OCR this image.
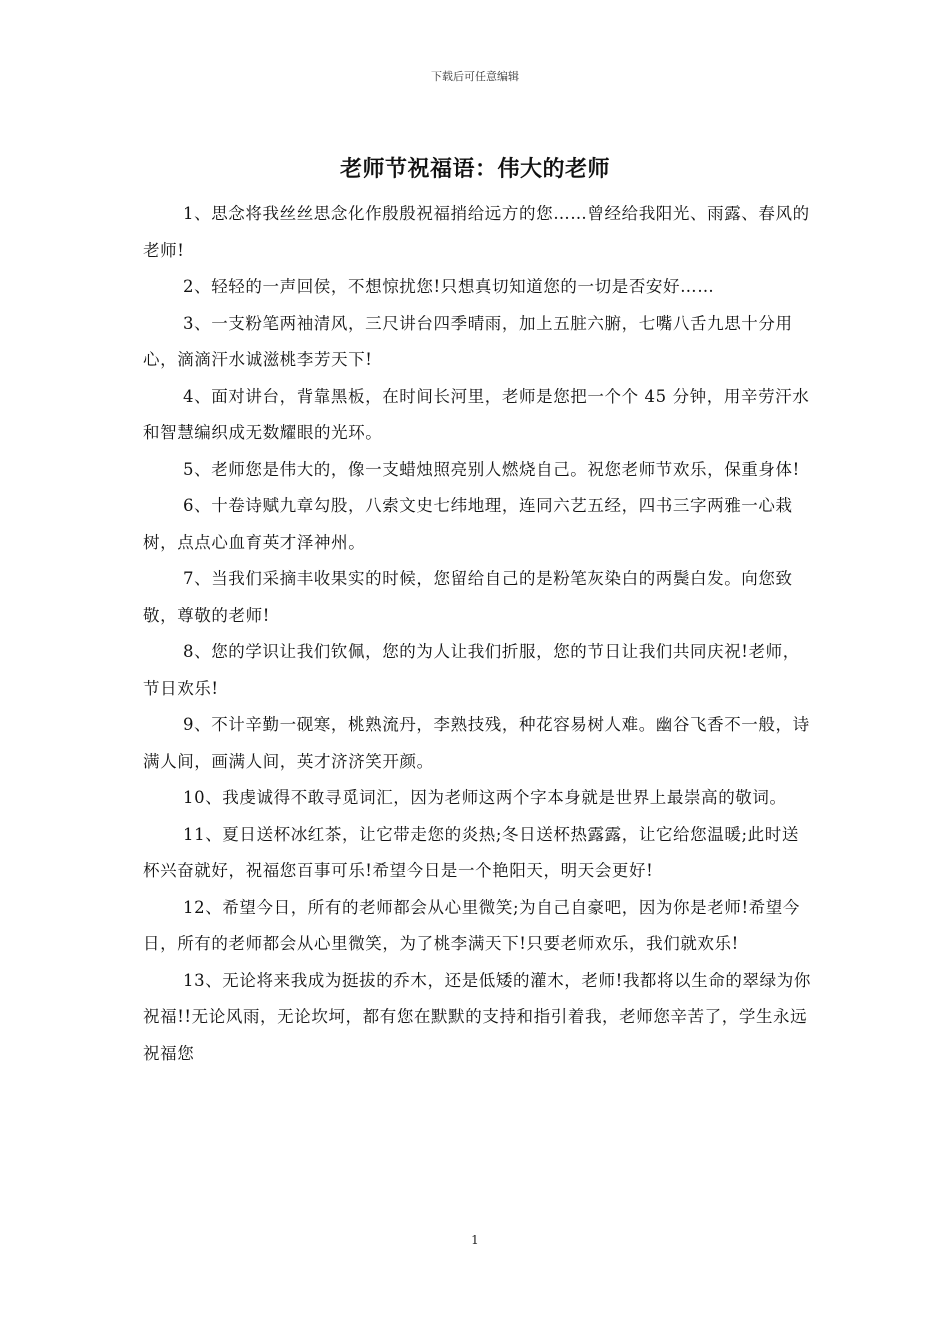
下载后可任意编辑
老师节祝福语：伟大的老师

1、思念将我丝丝思念化作殷殷祝福捎给远方的您……曾经给我阳光、雨露、春风的老师!

2、轻轻的一声回侯，不想惊扰您!只想真切知道您的一切是否安好……

3、一支粉笔两袖清风，三尺讲台四季晴雨，加上五脏六腑，七嘴八舌九思十分用心，滴滴汗水诚滋桃李芳天下!

4、面对讲台，背靠黑板，在时间长河里，老师是您把一个个 45 分钟，用辛劳汗水和智慧编织成无数耀眼的光环。

5、老师您是伟大的，像一支蜡烛照亮别人燃烧自己。祝您老师节欢乐，保重身体!

6、十卷诗赋九章勾股，八索文史七纬地理，连同六艺五经，四书三字两雅一心栽树，点点心血育英才泽神州。

7、当我们采摘丰收果实的时候，您留给自己的是粉笔灰染白的两鬓白发。向您致敬，尊敬的老师!

8、您的学识让我们钦佩，您的为人让我们折服，您的节日让我们共同庆祝!老师，节日欢乐!

9、不计辛勤一砚寒，桃熟流丹，李熟技残，种花容易树人难。幽谷飞香不一般，诗满人间，画满人间，英才济济笑开颜。

10、我虔诚得不敢寻觅词汇，因为老师这两个字本身就是世界上最崇高的敬词。

11、夏日送杯冰红茶，让它带走您的炎热;冬日送杯热露露，让它给您温暖;此时送杯兴奋就好，祝福您百事可乐!希望今日是一个艳阳天，明天会更好!

12、希望今日，所有的老师都会从心里微笑;为自己自豪吧，因为你是老师!希望今日，所有的老师都会从心里微笑，为了桃李满天下!只要老师欢乐，我们就欢乐!

13、无论将来我成为挺拔的乔木，还是低矮的灌木，老师!我都将以生命的翠绿为你祝福!!无论风雨，无论坎坷，都有您在默默的支持和指引着我，老师您辛苦了，学生永远祝福您

1
